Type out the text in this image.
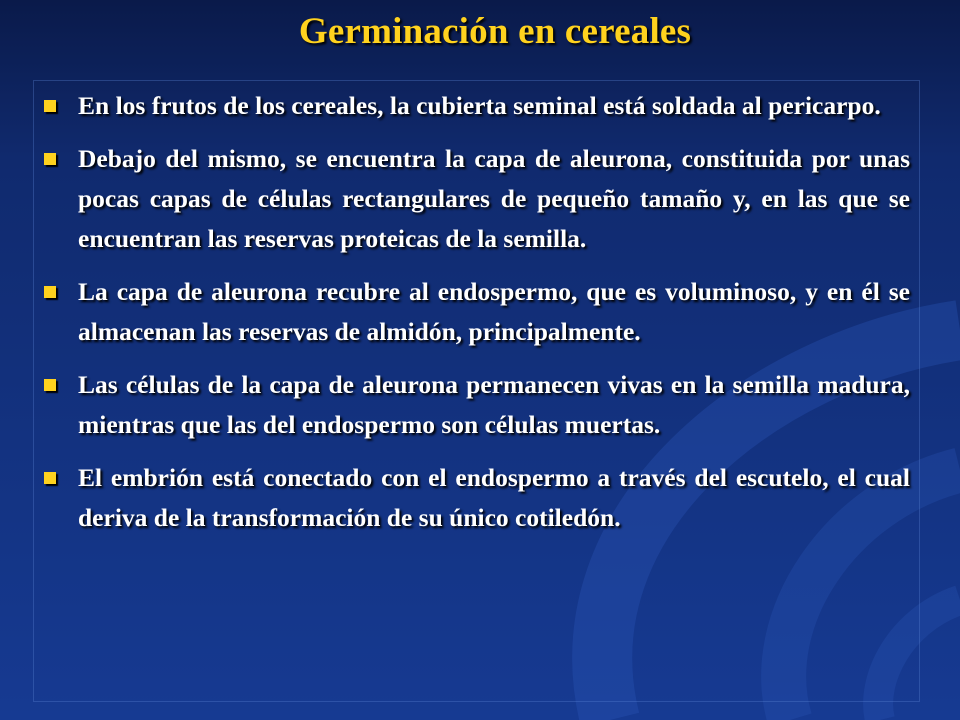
Germinación en cereales
En los frutos de los cereales, la cubierta seminal está soldada al pericarpo.
Debajo del mismo, se encuentra la capa de aleurona, constituida por unas pocas capas de células rectangulares de pequeño tamaño y, en las que se encuentran las reservas proteicas de la semilla.
La capa de aleurona recubre al endospermo, que es voluminoso, y en él se almacenan las reservas de almidón, principalmente.
Las células de la capa de aleurona permanecen vivas en la semilla madura, mientras que las del endospermo son células muertas.
El embrión está conectado con el endospermo a través del escutelo, el cual deriva de la transformación de su único cotiledón.
